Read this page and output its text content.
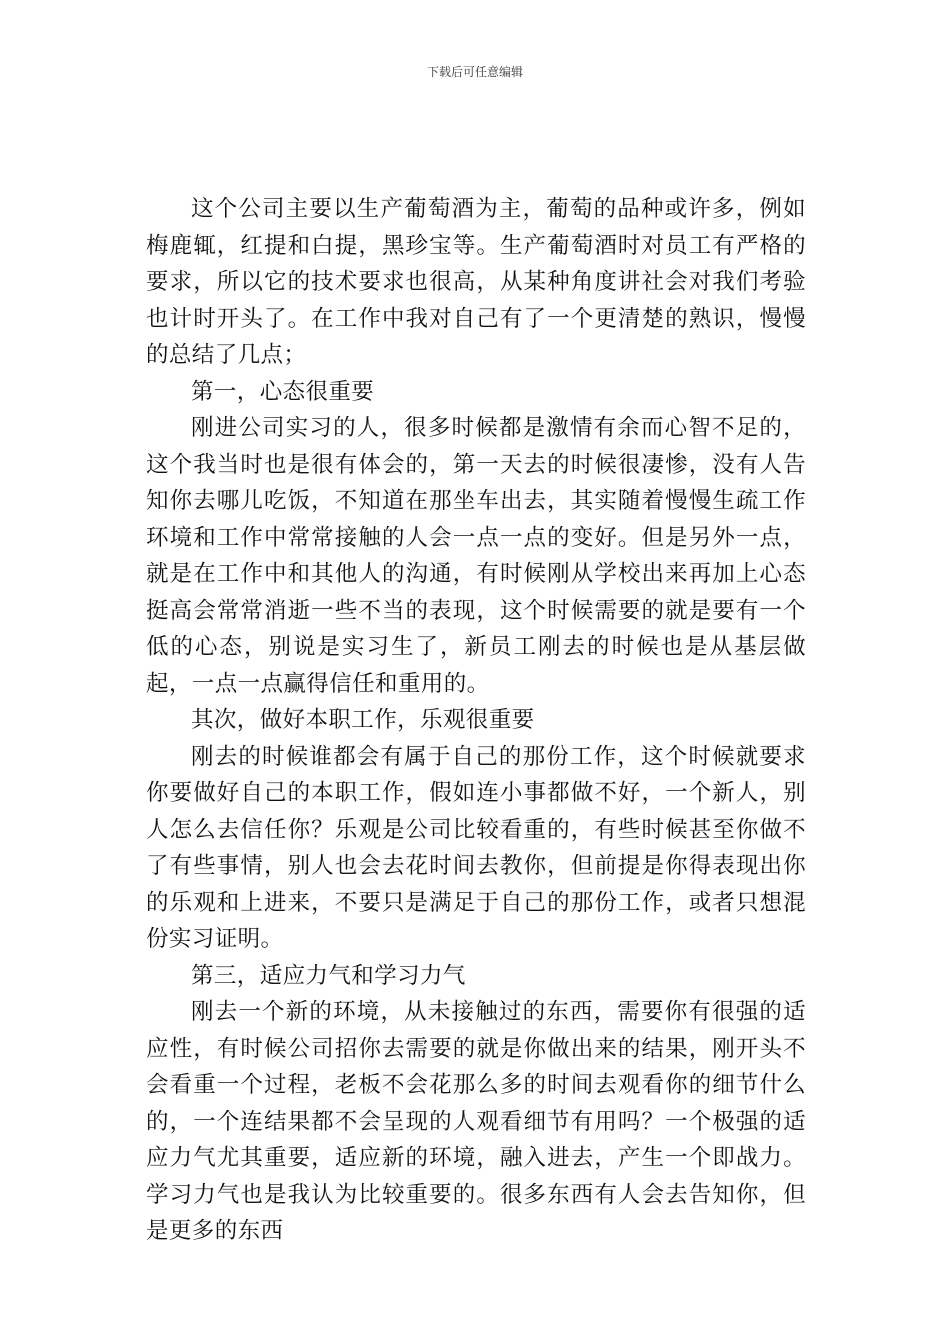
下载后可任意编辑

这个公司主要以生产葡萄酒为主，葡萄的品种或许多，例如梅鹿辄，红提和白提，黑珍宝等。生产葡萄酒时对员工有严格的要求，所以它的技术要求也很高，从某种角度讲社会对我们考验也计时开头了。在工作中我对自己有了一个更清楚的熟识，慢慢的总结了几点；

第一，心态很重要

刚进公司实习的人，很多时候都是激情有余而心智不足的，这个我当时也是很有体会的，第一天去的时候很凄惨，没有人告知你去哪儿吃饭，不知道在那坐车出去，其实随着慢慢生疏工作环境和工作中常常接触的人会一点一点的变好。但是另外一点，就是在工作中和其他人的沟通，有时候刚从学校出来再加上心态挺高会常常消逝一些不当的表现，这个时候需要的就是要有一个低的心态，别说是实习生了，新员工刚去的时候也是从基层做起，一点一点赢得信任和重用的。

其次，做好本职工作，乐观很重要

刚去的时候谁都会有属于自己的那份工作，这个时候就要求你要做好自己的本职工作，假如连小事都做不好，一个新人，别人怎么去信任你？乐观是公司比较看重的，有些时候甚至你做不了有些事情，别人也会去花时间去教你，但前提是你得表现出你的乐观和上进来，不要只是满足于自己的那份工作，或者只想混份实习证明。

第三，适应力气和学习力气

刚去一个新的环境，从未接触过的东西，需要你有很强的适应性，有时候公司招你去需要的就是你做出来的结果，刚开头不会看重一个过程，老板不会花那么多的时间去观看你的细节什么的，一个连结果都不会呈现的人观看细节有用吗？一个极强的适应力气尤其重要，适应新的环境，融入进去，产生一个即战力。学习力气也是我认为比较重要的。很多东西有人会去告知你，但是更多的东西
